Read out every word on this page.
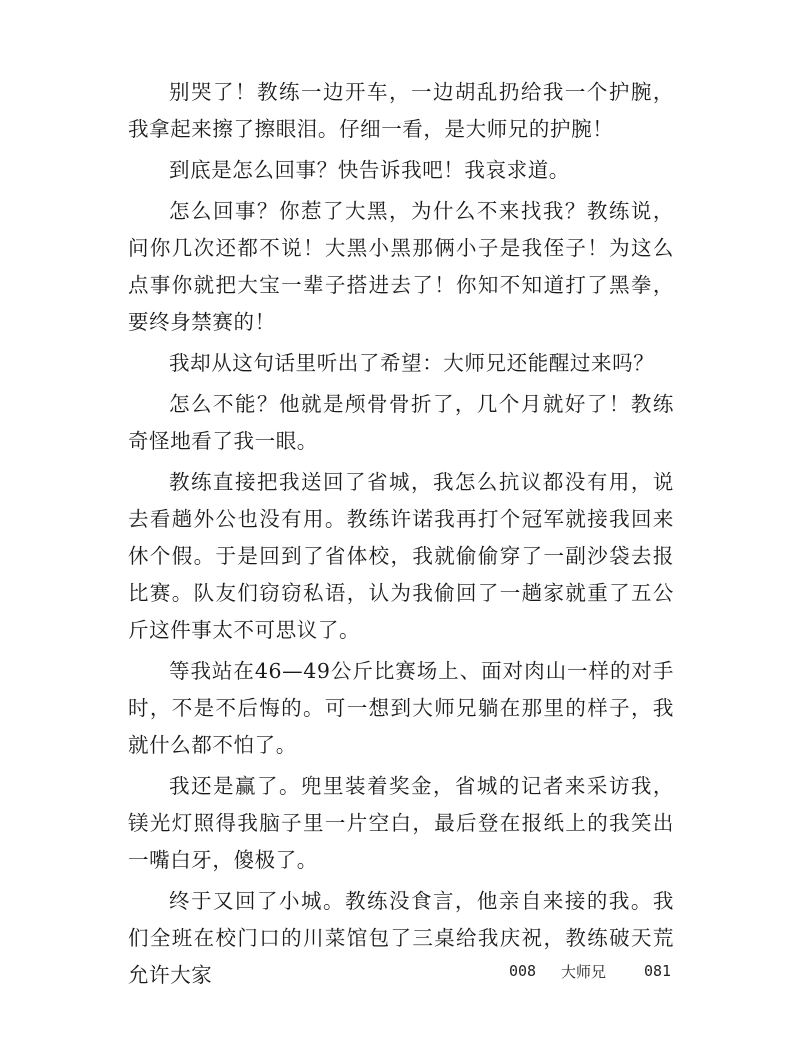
别哭了！教练一边开车，一边胡乱扔给我一个护腕，我拿起来擦了擦眼泪。仔细一看，是大师兄的护腕！

到底是怎么回事？快告诉我吧！我哀求道。

怎么回事？你惹了大黑，为什么不来找我？教练说，问你几次还都不说！大黑小黑那俩小子是我侄子！为这么点事你就把大宝一辈子搭进去了！你知不知道打了黑拳，要终身禁赛的！

我却从这句话里听出了希望：大师兄还能醒过来吗？

怎么不能？他就是颅骨骨折了，几个月就好了！教练奇怪地看了我一眼。

教练直接把我送回了省城，我怎么抗议都没有用，说去看趟外公也没有用。教练许诺我再打个冠军就接我回来休个假。于是回到了省体校，我就偷偷穿了一副沙袋去报比赛。队友们窃窃私语，认为我偷回了一趟家就重了五公斤这件事太不可思议了。

等我站在46—49公斤比赛场上、面对肉山一样的对手时，不是不后悔的。可一想到大师兄躺在那里的样子，我就什么都不怕了。

我还是赢了。兜里装着奖金，省城的记者来采访我，镁光灯照得我脑子里一片空白，最后登在报纸上的我笑出一嘴白牙，傻极了。

终于又回了小城。教练没食言，他亲自来接的我。我们全班在校门口的川菜馆包了三桌给我庆祝，教练破天荒允许大家	008 大师兄	081
